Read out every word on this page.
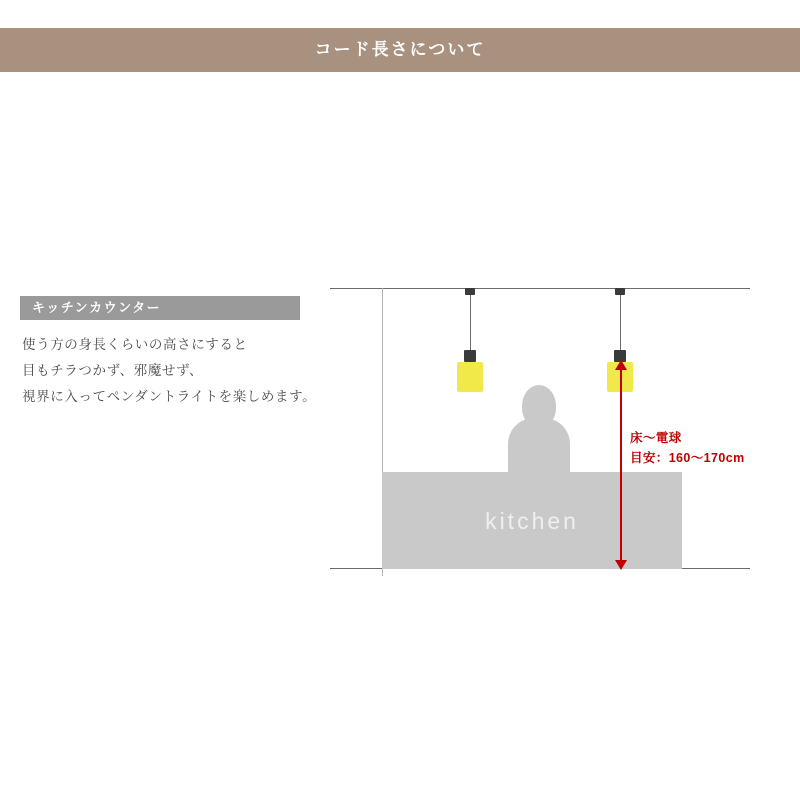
コード長さについて
キッチンカウンター
使う方の身長くらいの高さにすると
目もチラつかず、邪魔せず、
視界に入ってペンダントライトを楽しめます。
kitchen
床〜電球
目安：160〜170cm
